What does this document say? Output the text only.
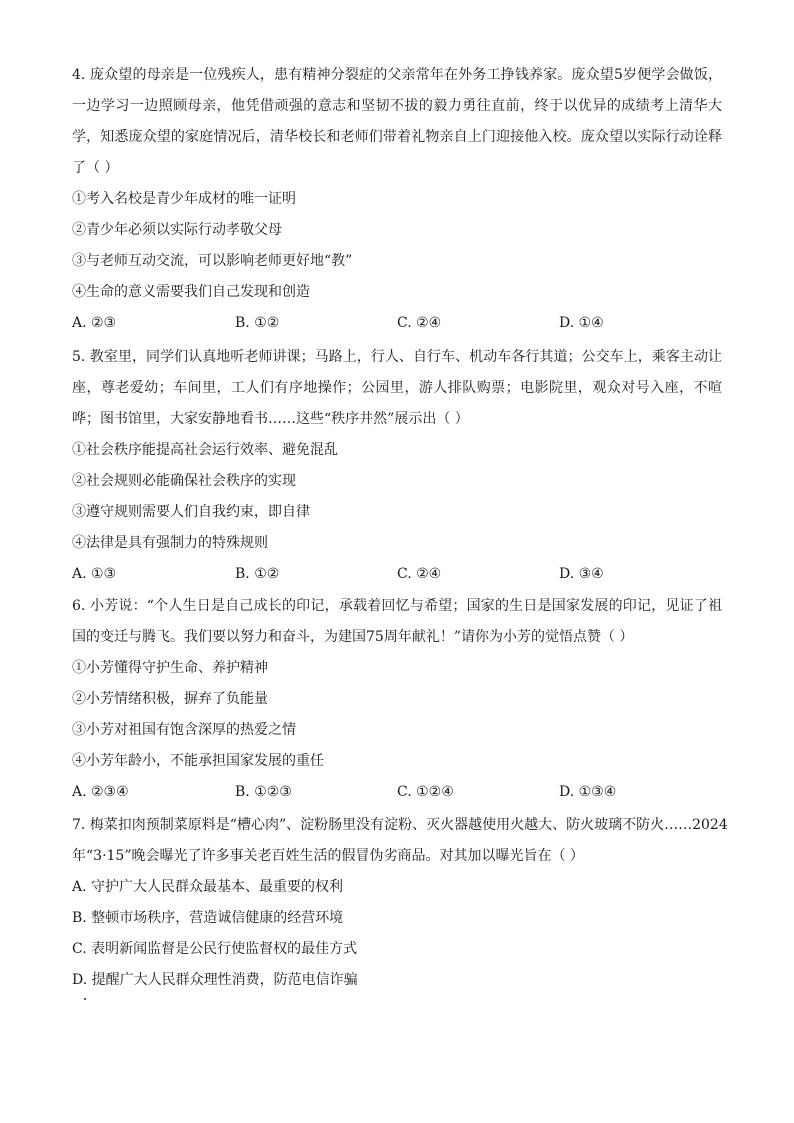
4. 庞众望的母亲是一位残疾人，患有精神分裂症的父亲常年在外务工挣钱养家。庞众望5岁便学会做饭，
一边学习一边照顾母亲，他凭借顽强的意志和坚韧不拔的毅力勇往直前，终于以优异的成绩考上清华大
学，知悉庞众望的家庭情况后，清华校长和老师们带着礼物亲自上门迎接他入校。庞众望以实际行动诠释
了（ ）
①考入名校是青少年成材的唯一证明
②青少年必须以实际行动孝敬父母
③与老师互动交流，可以影响老师更好地“教”
④生命的意义需要我们自己发现和创造
A. ②③	B. ①②	C. ②④	D. ①④
5. 教室里，同学们认真地听老师讲课；马路上，行人、自行车、机动车各行其道；公交车上，乘客主动让
座，尊老爱幼；车间里，工人们有序地操作；公园里，游人排队购票；电影院里，观众对号入座，不喧
哗；图书馆里，大家安静地看书……这些“秩序井然”展示出（ ）
①社会秩序能提高社会运行效率、避免混乱
②社会规则必能确保社会秩序的实现
③遵守规则需要人们自我约束，即自律
④法律是具有强制力的特殊规则
A. ①③	B. ①②	C. ②④	D. ③④
6. 小芳说：“个人生日是自己成长的印记，承载着回忆与希望；国家的生日是国家发展的印记，见证了祖
国的变迁与腾飞。我们要以努力和奋斗，为建国75周年献礼！”请你为小芳的觉悟点赞（ ）
①小芳懂得守护生命、养护精神
②小芳情绪积极，摒弃了负能量
③小芳对祖国有饱含深厚的热爱之情
④小芳年龄小，不能承担国家发展的重任
A. ②③④	B. ①②③	C. ①②④	D. ①③④
7. 梅菜扣肉预制菜原料是“槽心肉”、淀粉肠里没有淀粉、灭火器越使用火越大、防火玻璃不防火……2024
年“3·15”晚会曝光了许多事关老百姓生活的假冒伪劣商品。对其加以曝光旨在（ ）
A. 守护广大人民群众最基本、最重要的权利
B. 整顿市场秩序，营造诚信健康的经营环境
C. 表明新闻监督是公民行使监督权的最佳方式
D. 提醒广大人民群众理性消费，防范电信诈骗
